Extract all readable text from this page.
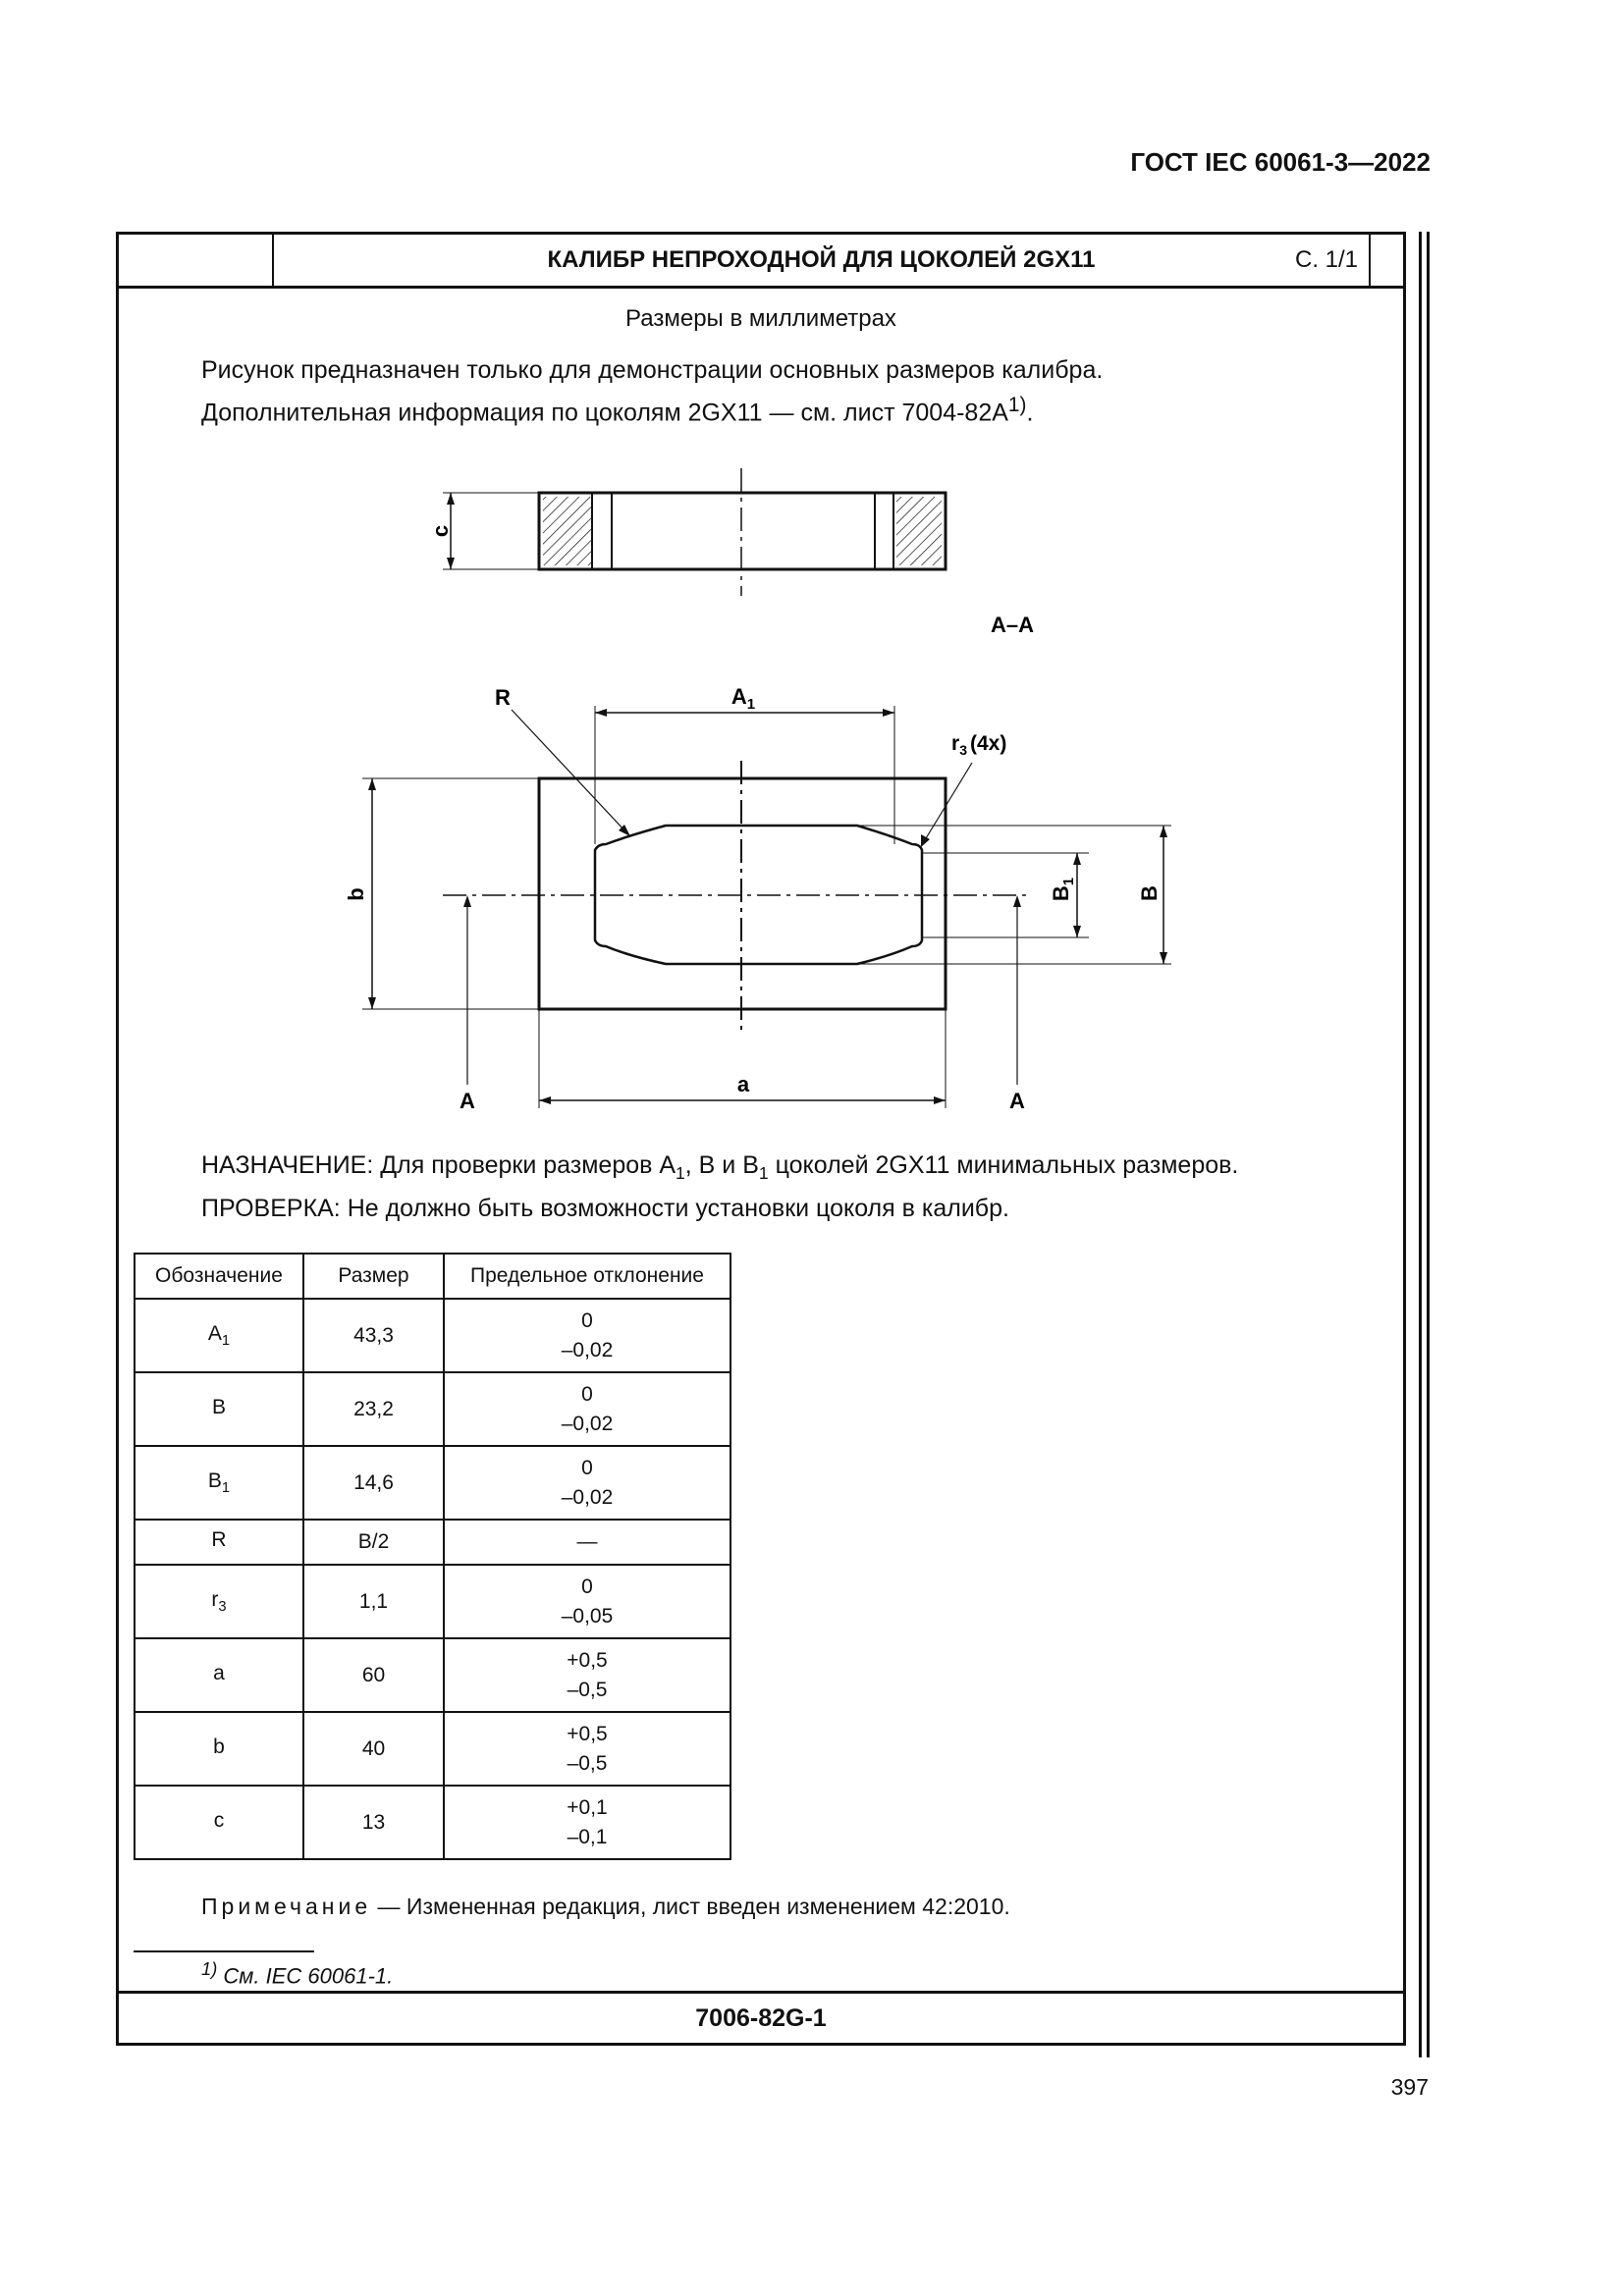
ГОСТ IEC 60061-3—2022
КАЛИБР НЕПРОХОДНОЙ ДЛЯ ЦОКОЛЕЙ 2GX11	С. 1/1
Размеры в миллиметрах
Рисунок предназначен только для демонстрации основных размеров калибра.
Дополнительная информация по цоколям 2GX11 — см. лист $7004-82A^{1)}$.
c
A–A
$A_1$
R
$r_3$ (4x)
b	$B_1$
B
a
A	A
НАЗНАЧЕНИЕ: Для проверки размеров $A_1$, B и $B_1$ цоколей 2GX11 минимальных размеров.
ПРОВЕРКА: Не должно быть возможности установки цоколя в калибр.
Обозначение	Размер	Предельное отклонение
$A_1$	43,3	0
–0,02

B	23,2	0
–0,02

$B_1$	14,6	0
–0,02

R	B/2	—

$r_3$	1,1	0
–0,05

a	60	+0,5
–0,5

b	40	+0,5
–0,5

c	13	+0,1
–0,1
Примечание — Измененная редакция, лист введен изменением 42:2010.
$^{1)}$ См. IEC 60061-1.
7006-82G-1
397
